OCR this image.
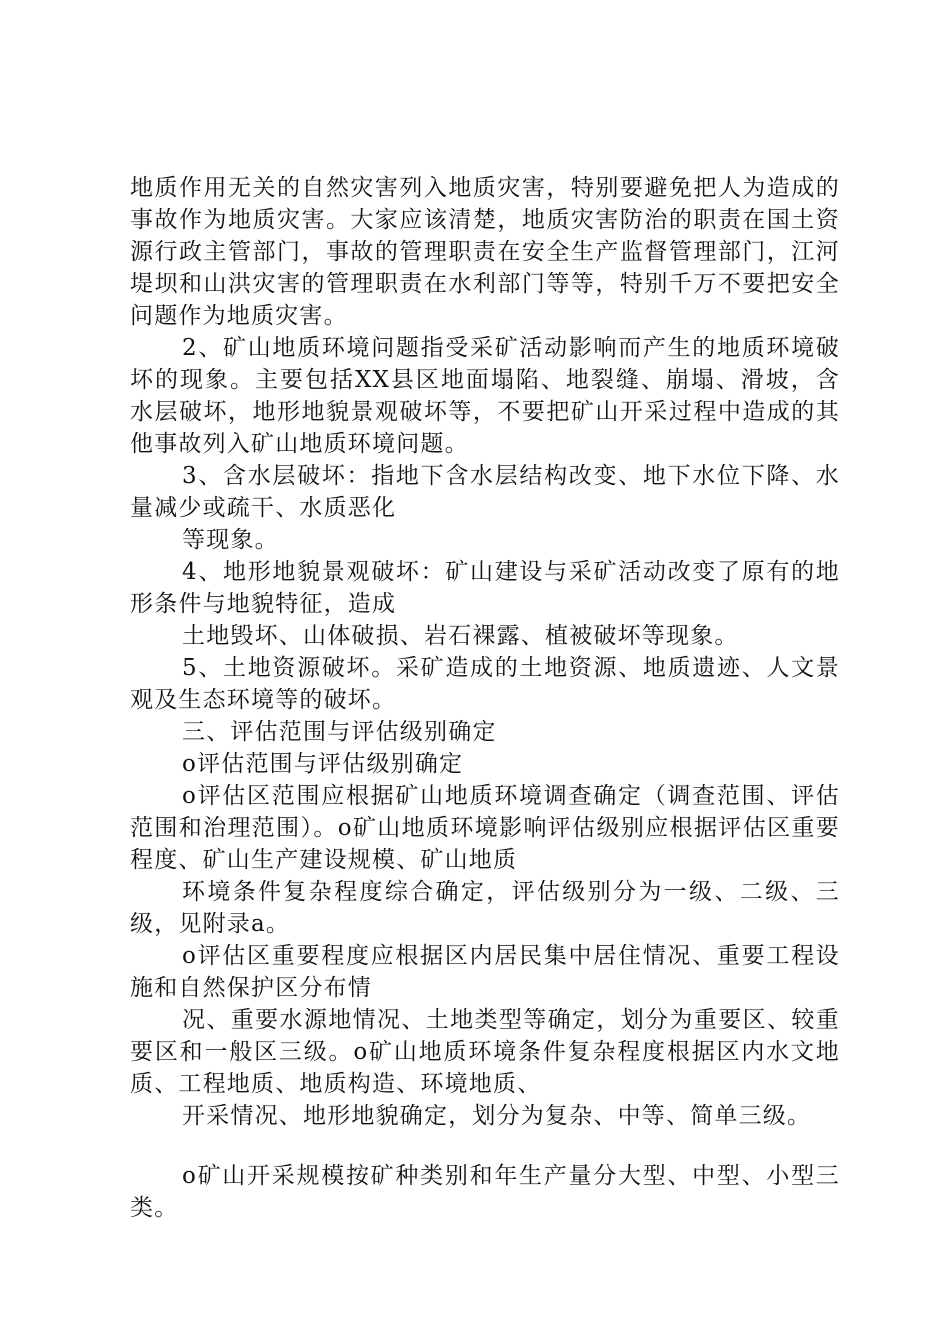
地质作用无关的自然灾害列入地质灾害，特别要避免把人为造成的事故作为地质灾害。大家应该清楚，地质灾害防治的职责在国土资源行政主管部门，事故的管理职责在安全生产监督管理部门，江河堤坝和山洪灾害的管理职责在水利部门等等，特别千万不要把安全问题作为地质灾害。

2、矿山地质环境问题指受采矿活动影响而产生的地质环境破坏的现象。主要包括XX县区地面塌陷、地裂缝、崩塌、滑坡，含水层破坏，地形地貌景观破坏等，不要把矿山开采过程中造成的其他事故列入矿山地质环境问题。

3、含水层破坏：指地下含水层结构改变、地下水位下降、水量减少或疏干、水质恶化

等现象。

4、地形地貌景观破坏：矿山建设与采矿活动改变了原有的地形条件与地貌特征，造成

土地毁坏、山体破损、岩石裸露、植被破坏等现象。

5、土地资源破坏。采矿造成的土地资源、地质遗迹、人文景观及生态环境等的破坏。

三、评估范围与评估级别确定

o评估范围与评估级别确定

o评估区范围应根据矿山地质环境调查确定（调查范围、评估范围和治理范围）。o矿山地质环境影响评估级别应根据评估区重要程度、矿山生产建设规模、矿山地质

环境条件复杂程度综合确定，评估级别分为一级、二级、三级，见附录a。

o评估区重要程度应根据区内居民集中居住情况、重要工程设施和自然保护区分布情

况、重要水源地情况、土地类型等确定，划分为重要区、较重要区和一般区三级。o矿山地质环境条件复杂程度根据区内水文地质、工程地质、地质构造、环境地质、

开采情况、地形地貌确定，划分为复杂、中等、简单三级。

o矿山开采规模按矿种类别和年生产量分大型、中型、小型三类。
